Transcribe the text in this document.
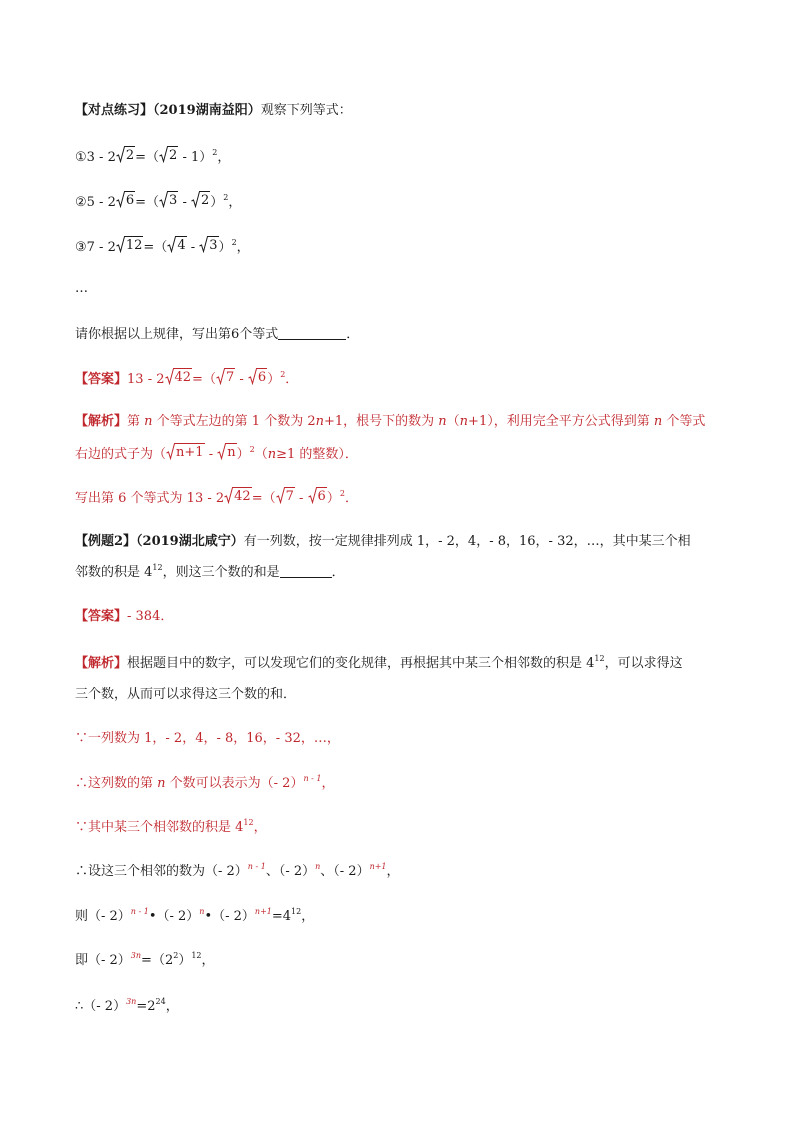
【对点练习】（2019湖南益阳）观察下列等式：
①3 - 2 2 =（ 2 - 1）$^2$，
②5 - 2 6 =（ 3 - 2 ）$^2$，
③7 - 2 12 =（ 4 - 3 ）$^2$，
…
请你根据以上规律，写出第6个等式	．
【答案】13 - 2 42 =（ 7 - 6 ）$^2$．
【解析】第 n 个等式左边的第 1 个数为 2n+1，根号下的数为 n（n+1），利用完全平方公式得到第 n 个等式
右边的式子为（ n+1 - n ）$^2$（n≥1 的整数）．
写出第 6 个等式为 13 - 2 42 =（ 7 - 6 ）$^2$．
【例题2】（2019湖北咸宁）有一列数，按一定规律排列成 1，- 2，4，- 8，16，- 32，…，其中某三个相
邻数的积是 $4^{12}$，则这三个数的和是	．
【答案】- 384．
【解析】根据题目中的数字，可以发现它们的变化规律，再根据其中某三个相邻数的积是 $4^{12}$，可以求得这
三个数，从而可以求得这三个数的和．
∵一列数为 1，- 2，4，- 8，16，- 32，…，
∴这列数的第 n 个数可以表示为（- 2）$^{n - 1}$，
∵其中某三个相邻数的积是 $4^{12}$，
∴设这三个相邻的数为（- 2）$^{n - 1}$、（- 2）$^n$、（- 2）$^{n+1}$，
则（- 2）$^{n - 1}$•（- 2）$^n$•（- $2)^{n+1}=4^{12}$，
即（- $2)^{3n}=(2^2)^{12}$，
∴（- $2)^{3n}=2^{24}$，
